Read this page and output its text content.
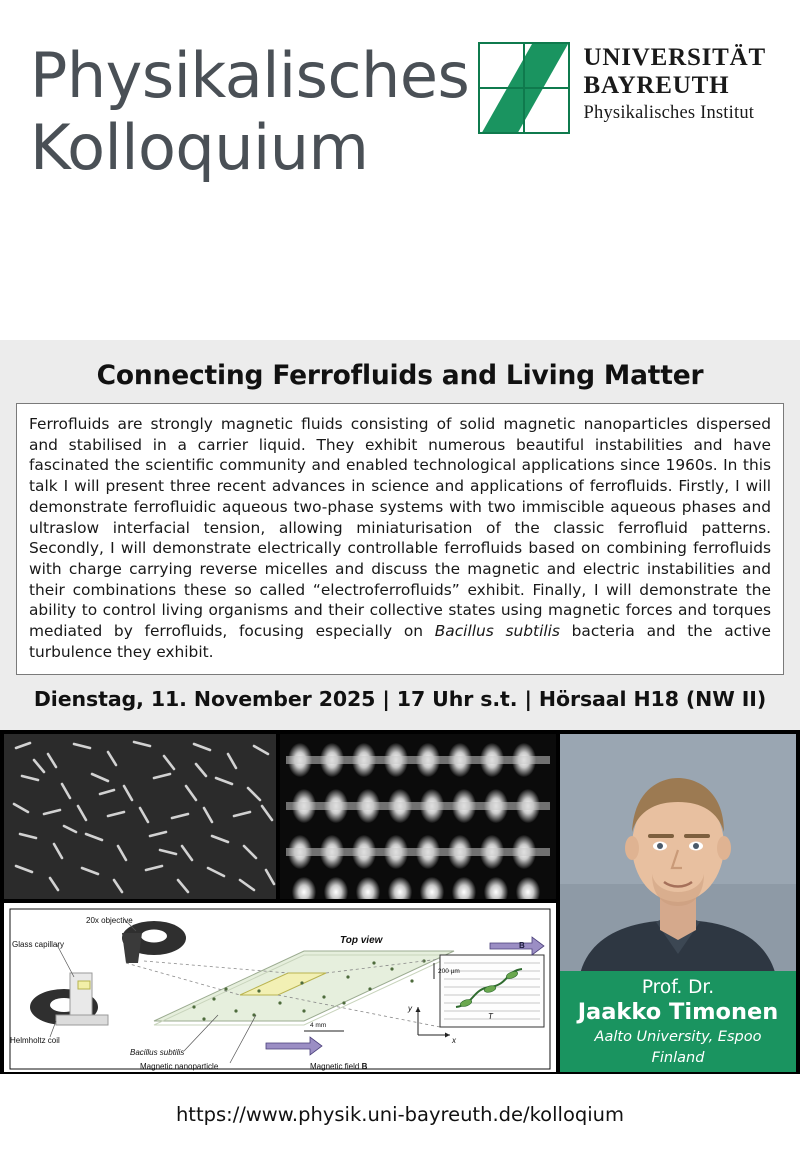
Physikalisches
Kolloquium
UNIVERSITÄT
BAYREUTH
Physikalisches Institut
Connecting Ferrofluids and Living Matter
Ferrofluids are strongly magnetic fluids consisting of solid magnetic nanoparticles dispersed and stabilised in a carrier liquid. They exhibit numerous beautiful instabilities and have fascinated the scientific community and enabled technological applications since 1960s. In this talk I will present three recent advances in science and applications of ferrofluids. Firstly, I will demonstrate ferrofluidic aqueous two-phase systems with two immiscible aqueous phases and ultraslow interfacial tension, allowing miniaturisation of the classic ferrofluid patterns. Secondly, I will demonstrate electrically controllable ferrofluids based on combining ferrofluids with charge carrying reverse micelles and discuss the magnetic and electric instabilities and their combinations these so called “electroferrofluids” exhibit. Finally, I will demonstrate the ability to control living organisms and their collective states using magnetic forces and torques mediated by ferrofluids, focusing especially on Bacillus subtilis bacteria and the active turbulence they exhibit.
Dienstag, 11. November 2025 | 17 Uhr s.t. | Hörsaal H18 (NW II)
20x objective
Glass capillary
Helmholtz coil
Bacillus subtilis
Magnetic nanoparticle	Magnetic field B
Top view
200 µm
4 mm
x
y
B
T
Prof. Dr.
Jaakko Timonen
Aalto University, Espoo
Finland
https://www.physik.uni-bayreuth.de/kolloqium
